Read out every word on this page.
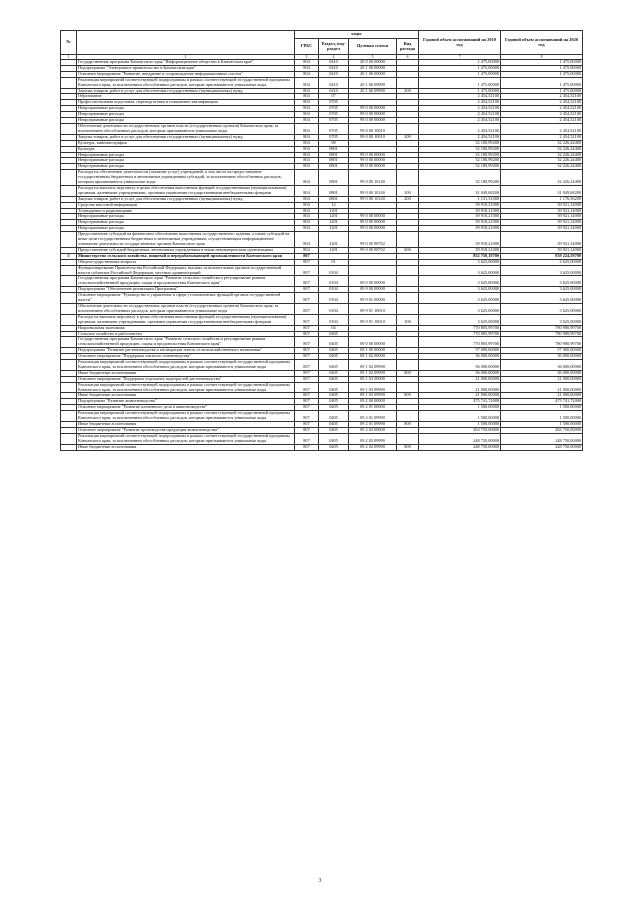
№		коды				Годовой объем ассигнований на 2019 год	Годовой объем ассигнований на 2020 год
		ГРБС	Раздел, под-раздел	Целевая статья	Вид расхода		
1	2	3	4	5	6	7	8
	Государственная программа Камчатского края "Информационное общество в Камчатском крае"	804	0410	20 0 00 00000		1 475,00000	1 475,00000
	Подпрограмма "Электронное правительство в Камчатском крае"	804	0410	20 1 00 00000		1 475,00000	1 475,00000
	Основное мероприятие "Развитие, внедрение и сопровождение информационных систем"	804	0410	20 1 06 00000		1 475,00000	1 475,00000
	Реализация мероприятий соответствующей подпрограммы в рамках соответствующей государственной программы Камчатского края, за исключением обособленных расходов, которым присваиваются уникальные коды	804	0410	20 1 06 09990		1 475,00000	1 475,00000
	Закупка товаров, работ и услуг для обеспечения государственных (муниципальных) нужд	804	0410	20 1 06 09990	200	1 475,00000	1 475,00000
	Образование	804	07			2 454,52100	2 454,52100
	Профессиональная подготовка, переподготовка и повышение квалификации	804	0705			2 454,52100	2 454,52100
	Непрограммные расходы	804	0705	99 0 00 00000		2 454,52100	2 454,52100
	Непрограммные расходы	804	0705	99 0 00 00000		2 454,52100	2 454,52100
	Непрограммные расходы	804	0705	99 0 00 00000		2 454,52100	2 454,52100
	Обеспечение деятельности государственных органов власти (государственных органов) Камчатского края, за исключением обособленных расходов, которым присваиваются уникальные коды	804	0705	99 0 00 10010		2 454,52100	2 454,52100
	Закупка товаров, работ и услуг для обеспечения государственных (муниципальных) нужд	804	0705	99 0 00 10010	200	2 454,52100	2 454,52100
	Культура, кинематография	804	08			32 180,99200	32 226,24400
	Культура	804	0801			32 180,99200	32 226,24400
	Непрограммные расходы	804	0801	99 0 00 00000		32 180,99200	32 226,24400
	Непрограммные расходы	804	0801	99 0 00 00000		32 180,99200	32 226,24400
	Непрограммные расходы	804	0801	99 0 00 00000		32 180,99200	32 226,24400
	Расходы на обеспечение деятельности (оказание услуг) учреждений, в том числе на предоставление государственным бюджетным и автономным учреждениям субсидий, за исключением обособленных расходов, которым присваиваются уникальные коды	804	0801	99 0 00 10140		32 180,99200	32 226,24400
	Расходы на выплаты персоналу в целях обеспечения выполнения функций государственными (муниципальными) органами, казенными учреждениями, органами управления государственными внебюджетными фондами	804	0801	99 0 00 10140	100	31 049,68200	31 049,68200
	Закупка товаров, работ и услуг для обеспечения государственных (муниципальных) нужд	804	0801	99 0 00 10140	200	1 131,31000	1 176,56200
	Средства массовой информации	804	12			39 918,21000	39 921,14000
	Телевидение и радиовещание	804	1201			39 918,21000	39 921,14000
	Непрограммные расходы	804	1201	99 0 00 00000		39 918,21000	39 921,14000
	Непрограммные расходы	804	1201	99 0 00 00000		39 918,21000	39 921,14000
	Непрограммные расходы	804	1201	99 0 00 00000		39 918,21000	39 921,14000
	Предоставление субсидий на финансовое обеспечение выполнения государственного задания, а также субсидий на иные цели государственным бюджетным и автономным учреждениям, осуществляющим информационное освещение деятельности государственных органов Камчатского края	804	1201	99 0 00 98702		39 918,21000	39 921,14000
	Предоставление субсидий бюджетным, автономным учреждениям и иным некоммерческим организациям	804	1201	99 0 00 98702	600	39 918,21000	39 921,14000
5	Министерство сельского хозяйства, пищевой и перерабатывающей промышленности Камчатского края	807				852 750,19700	839 224,59700
	Общегосударственные вопросы	807	01			3 625,00000	3 625,00000
	Функционирование Правительства Российской Федерации, высших исполнительных органов государственной власти субъектов Российской Федерации, местных администраций	807	0104			3 625,00000	3 625,00000
	Государственная программа Камчатского края "Развитие сельского хозяйства и регулирование рынков сельскохозяйственной продукции, сырья и продовольствия Камчатского края"	807	0104	09 0 00 00000		3 625,00000	3 625,00000
	Подпрограмма "Обеспечение реализации Программы"	807	0104	09 9 00 00000		3 625,00000	3 625,00000
	Основное мероприятие "Руководство и управление в сфере установленных функций органов государственной власти"	807	0104	09 9 01 00000		3 625,00000	3 625,00000
	Обеспечение деятельности государственных органов власти (государственных органов) Камчатского края, за исключением обособленных расходов, которым присваиваются уникальные коды	807	0104	09 9 01 10010		3 625,00000	3 625,00000
	Расходы на выплаты персоналу в целях обеспечения выполнения функций государственными (муниципальными) органами, казенными учреждениями, органами управления государственными внебюджетными фондами	807	0104	09 9 01 10010	100	3 625,00000	3 625,00000
	Национальная экономика	807	04			770 805,99700	780 980,99700
	Сельское хозяйство и рыболовство	807	0405			770 805,99700	780 980,99700
	Государственная программа Камчатского края "Развитие сельского хозяйства и регулирование рынков сельскохозяйственной продукции, сырья и продовольствия Камчатского края"	807	0405	09 0 00 00000		770 805,99700	780 980,99700
	Подпрограмма "Развитие растениеводства и мелиорации земель сельскохозяйственного назначения"	807	0405	09 1 00 00000		57 000,00000	57 000,00000
	Основное мероприятие "Поддержка элитного семеноводства"	807	0405	09 1 02 00000		36 000,00000	36 000,00000
	Реализация мероприятий соответствующей подпрограммы в рамках соответствующей государственной программы Камчатского края, за исключением обособленных расходов, которым присваиваются уникальные коды	807	0405	09 1 02 09990		36 000,00000	36 000,00000
	Иные бюджетные ассигнования	807	0405	09 1 02 09990	800	36 000,00000	36 000,00000
	Основное мероприятие "Поддержка отдельных подотраслей растениеводства"	807	0405	09 1 03 00000		21 000,00000	21 000,00000
	Реализация мероприятий соответствующей подпрограммы в рамках соответствующей государственной программы Камчатского края, за исключением обособленных расходов, которым присваиваются уникальные коды	807	0405	09 1 03 09990		21 000,00000	21 000,00000
	Иные бюджетные ассигнования	807	0405	09 1 03 09990	800	21 000,00000	21 000,00000
	Подпрограмма "Развитие животноводства"	807	0405	09 2 00 00000		475 741,72000	475 741,72000
	Основное мероприятие "Развитие племенного дела в животноводстве"	807	0405	09 2 01 00000		1 500,00000	1 500,00000
	Реализация мероприятий соответствующей подпрограммы в рамках соответствующей государственной программы Камчатского края, за исключением обособленных расходов, которым присваиваются уникальные коды	807	0405	09 2 01 09990		1 500,00000	1 500,00000
	Иные бюджетные ассигнования	807	0405	09 2 01 09990	800	1 500,00000	1 500,00000
	Основное мероприятие "Развитие производства продукции животноводства"	807	0405	09 2 02 00000		263 750,00000	263 750,00000
	Реализация мероприятий соответствующей подпрограммы в рамках соответствующей государственной программы Камчатского края, за исключением обособленных расходов, которым присваиваются уникальные коды	807	0405	09 2 02 09990		248 750,00000	248 750,00000
	Иные бюджетные ассигнования	807	0405	09 2 02 09990	800	248 750,00000	248 750,00000
3
